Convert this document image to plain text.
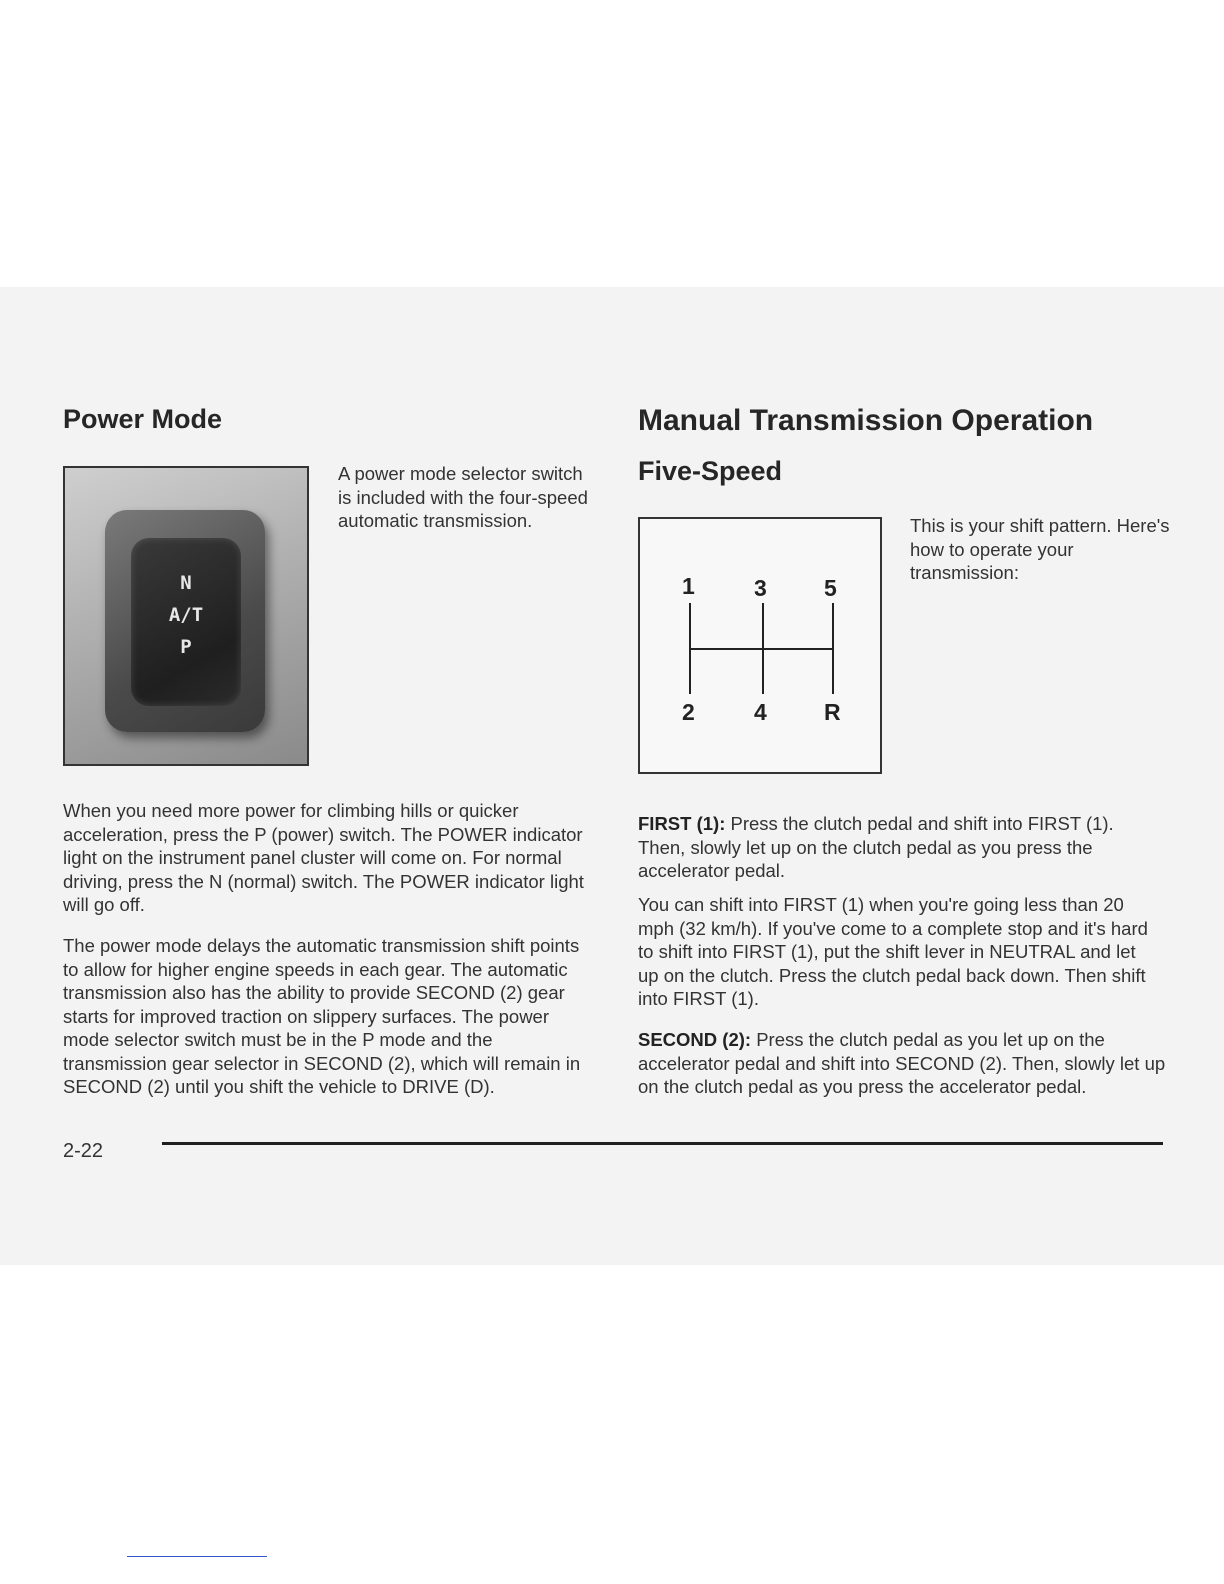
Power Mode
N
A/T
P
A power mode selector switch is included with the four-speed automatic transmission.
When you need more power for climbing hills or quicker acceleration, press the P (power) switch. The POWER indicator light on the instrument panel cluster will come on. For normal driving, press the N (normal) switch. The POWER indicator light will go off.
The power mode delays the automatic transmission shift points to allow for higher engine speeds in each gear. The automatic transmission also has the ability to provide SECOND (2) gear starts for improved traction on slippery surfaces. The power mode selector switch must be in the P mode and the transmission gear selector in SECOND (2), which will remain in SECOND (2) until you shift the vehicle to DRIVE (D).
Manual Transmission Operation
Five-Speed
1	3 5
2	4 R
This is your shift pattern. Here's how to operate your transmission:
FIRST (1): Press the clutch pedal and shift into FIRST (1). Then, slowly let up on the clutch pedal as you press the accelerator pedal.
You can shift into FIRST (1) when you're going less than 20 mph (32 km/h). If you've come to a complete stop and it's hard to shift into FIRST (1), put the shift lever in NEUTRAL and let up on the clutch. Press the clutch pedal back down. Then shift into FIRST (1).
SECOND (2): Press the clutch pedal as you let up on the accelerator pedal and shift into SECOND (2). Then, slowly let up on the clutch pedal as you press the accelerator pedal.
2-22
